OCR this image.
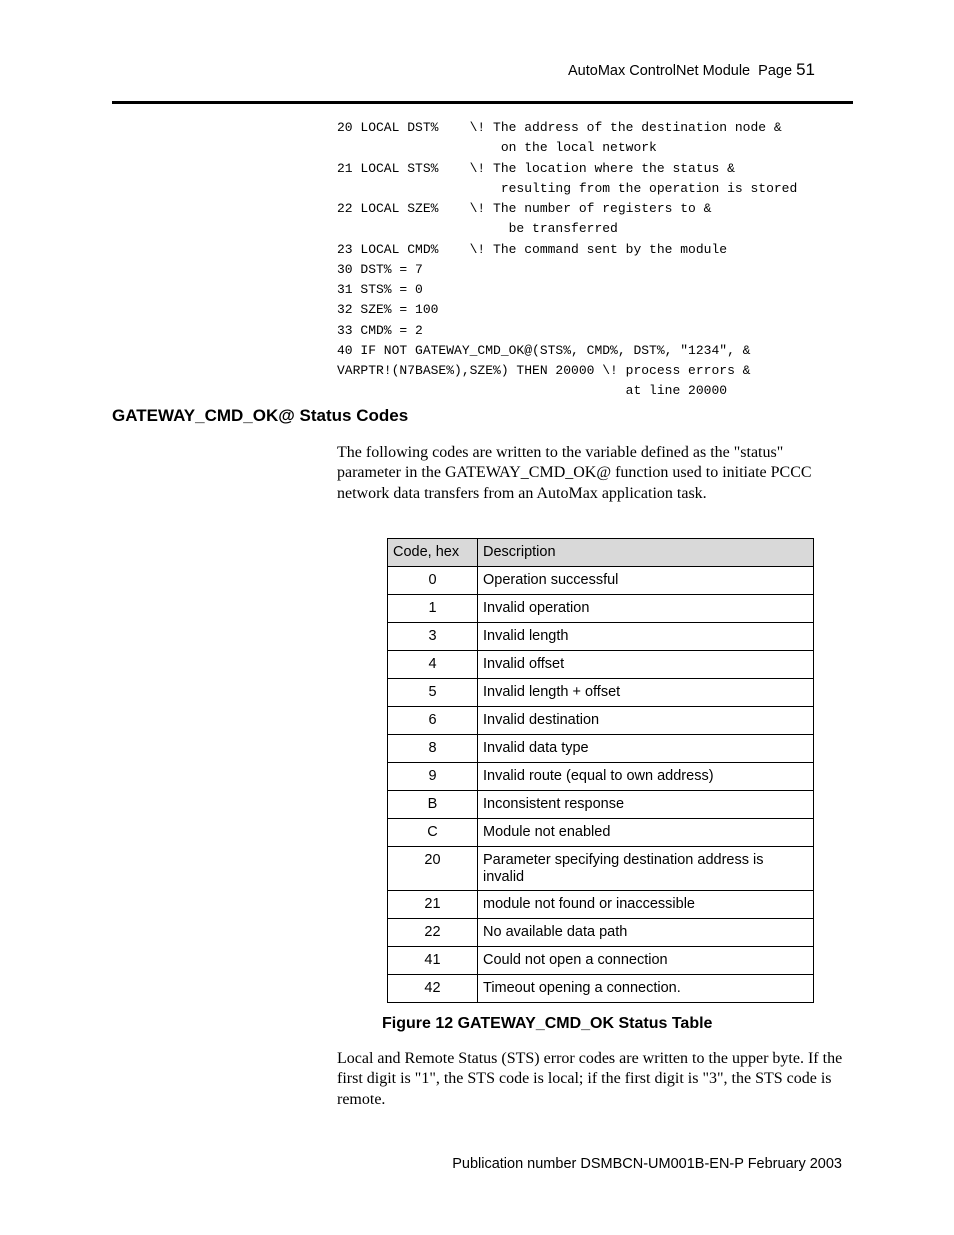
AutoMax ControlNet Module  Page 51
20 LOCAL DST%    \! The address of the destination node &
on the local network
21 LOCAL STS%    \! The location where the status &
resulting from the operation is stored
22 LOCAL SZE%    \! The number of registers to &
be transferred
23 LOCAL CMD%    \! The command sent by the module
30 DST% = 7
31 STS% = 0
32 SZE% = 100
33 CMD% = 2
40 IF NOT GATEWAY_CMD_OK@(STS%, CMD%, DST%, "1234", &
VARPTR!(N7BASE%),SZE%) THEN 20000 \! process errors &
at line 20000
GATEWAY_CMD_OK@ Status Codes

The following codes are written to the variable defined as the "status" parameter in the GATEWAY_CMD_OK@ function used to initiate PCCC network data transfers from an AutoMax application task.

Code, hex	Description
0	Operation successful
1	Invalid operation
3	Invalid length
4	Invalid offset
5	Invalid length + offset
6	Invalid destination
8	Invalid data type
9	Invalid route (equal to own address)
B	Inconsistent response
C	Module not enabled
20	Parameter specifying destination address is invalid
21	module not found or inaccessible
22	No available data path
41	Could not open a connection
42	Timeout opening a connection.

Figure 12 GATEWAY_CMD_OK Status Table

Local and Remote Status (STS) error codes are written to the upper byte. If the first digit is "1", the STS code is local; if the first digit is "3", the STS code is remote.

Publication number DSMBCN-UM001B-EN-P February 2003
